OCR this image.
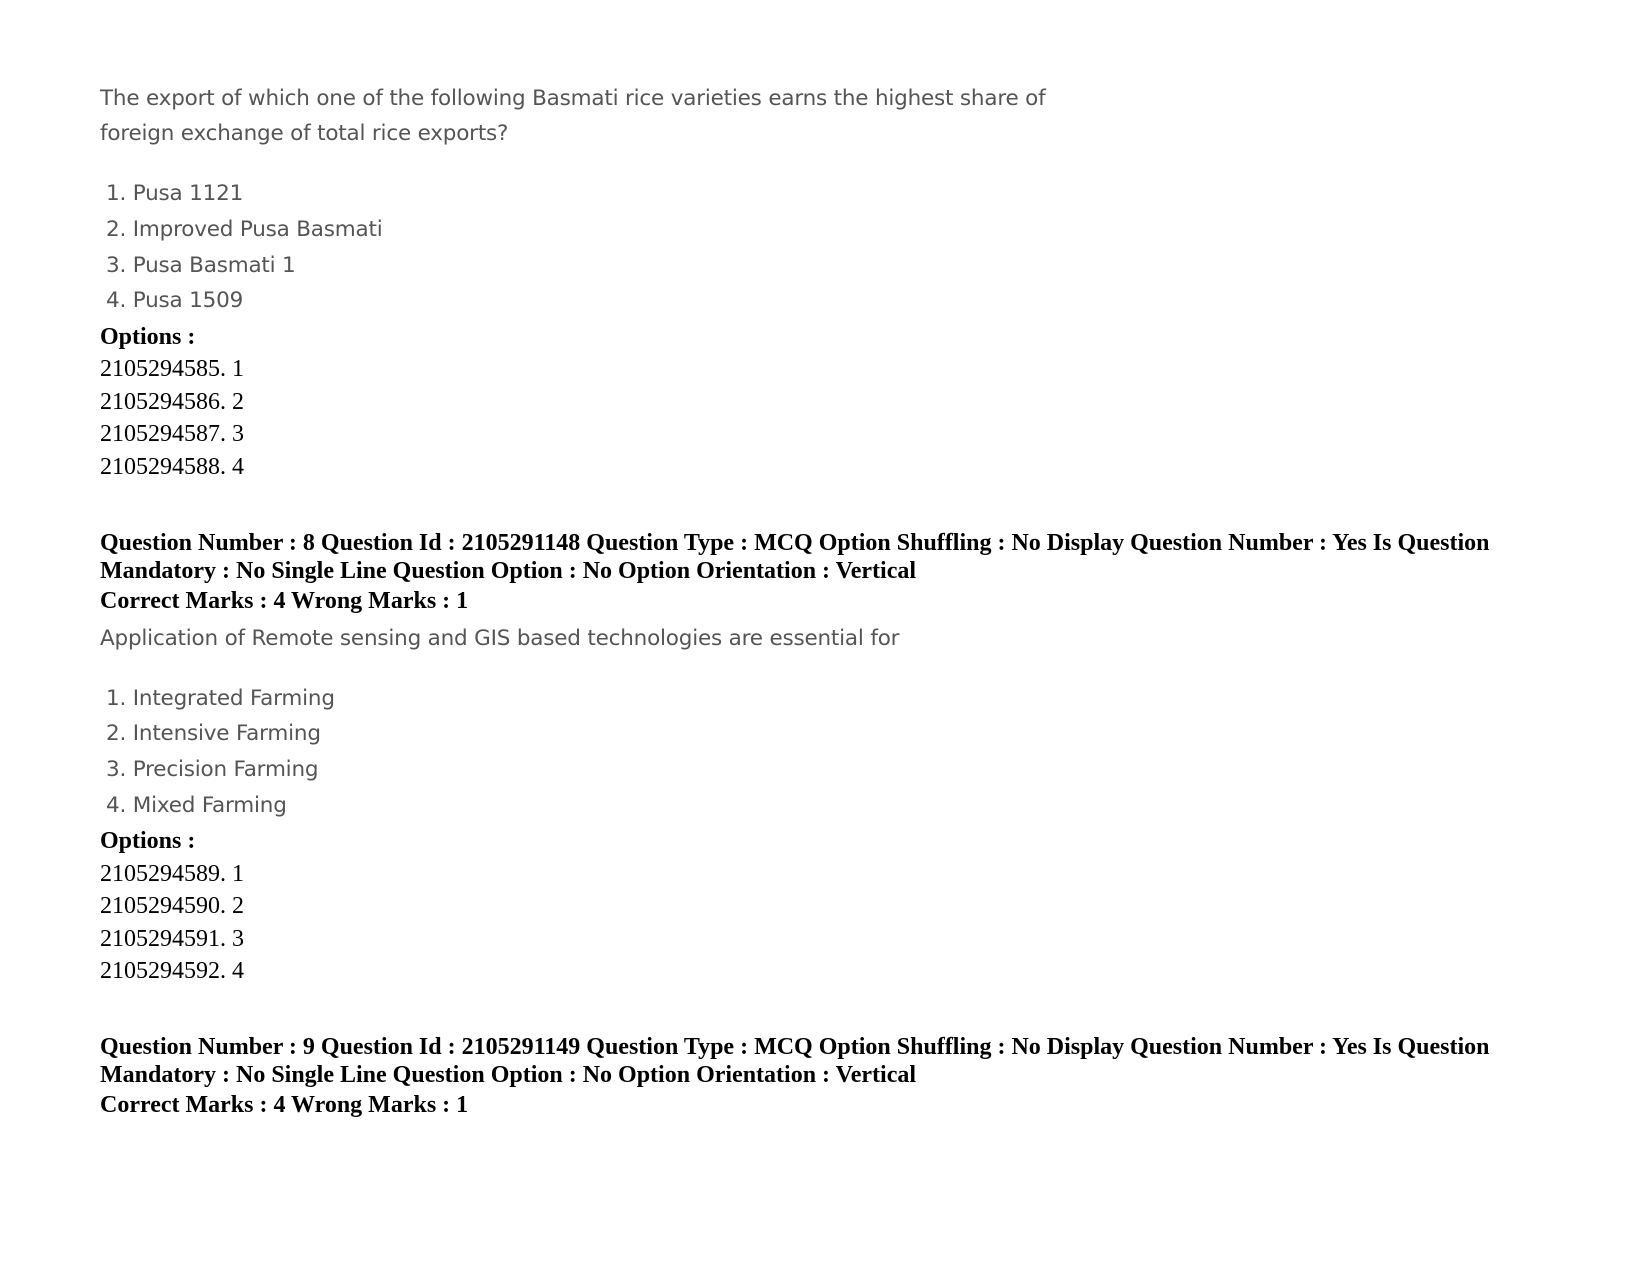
The export of which one of the following Basmati rice varieties earns the highest share of
foreign exchange of total rice exports?
1. Pusa 1121
2. Improved Pusa Basmati
3. Pusa Basmati 1
4. Pusa 1509
Options :
2105294585. 1
2105294586. 2
2105294587. 3
2105294588. 4
Question Number : 8 Question Id : 2105291148 Question Type : MCQ Option Shuffling : No Display Question Number : Yes Is Question Mandatory : No Single Line Question Option : No Option Orientation : Vertical
Correct Marks : 4 Wrong Marks : 1
Application of Remote sensing and GIS based technologies are essential for
1. Integrated Farming
2. Intensive Farming
3. Precision Farming
4. Mixed Farming
Options :
2105294589. 1
2105294590. 2
2105294591. 3
2105294592. 4
Question Number : 9 Question Id : 2105291149 Question Type : MCQ Option Shuffling : No Display Question Number : Yes Is Question Mandatory : No Single Line Question Option : No Option Orientation : Vertical
Correct Marks : 4 Wrong Marks : 1
